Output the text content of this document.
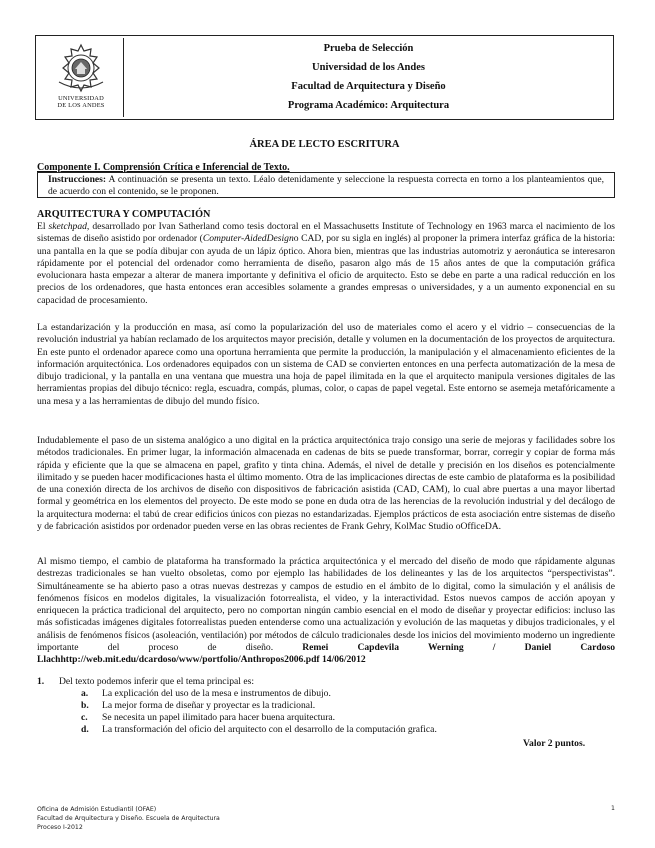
UNIVERSIDAD
DE LOS ANDES
Prueba de Selección
Universidad de los Andes
Facultad de Arquitectura y Diseño
Programa Académico: Arquitectura
ÁREA DE LECTO ESCRITURA
Componente I. Comprensión Crítica e Inferencial de Texto.
Instrucciones: A continuación se presenta un texto. Léalo detenidamente y seleccione la respuesta correcta en torno a los planteamientos que, de acuerdo con el contenido, se le proponen.
ARQUITECTURA Y COMPUTACIÓN

El sketchpad, desarrollado por Ivan Satherland como tesis doctoral en el Massachusetts Institute of Technology en 1963 marca el nacimiento de los sistemas de diseño asistido por ordenador (Computer-AidedDesigno CAD, por su sigla en inglés) al proponer la primera interfaz gráfica de la historia: una pantalla en la que se podía dibujar con ayuda de un lápiz óptico. Ahora bien, mientras que las industrias automotriz y aeronáutica se interesaron rápidamente por el potencial del ordenador como herramienta de diseño, pasaron algo más de 15 años antes de que la computación gráfica evolucionara hasta empezar a alterar de manera importante y definitiva el oficio de arquitecto. Esto se debe en parte a una radical reducción en los precios de los ordenadores, que hasta entonces eran accesibles solamente a grandes empresas o universidades, y a un aumento exponencial en su capacidad de procesamiento.

La estandarización y la producción en masa, así como la popularización del uso de materiales como el acero y el vidrio – consecuencias de la revolución industrial ya habían reclamado de los arquitectos mayor precisión, detalle y volumen en la documentación de los proyectos de arquitectura. En este punto el ordenador aparece como una oportuna herramienta que permite la producción, la manipulación y el almacenamiento eficientes de la información arquitectónica. Los ordenadores equipados con un sistema de CAD se convierten entonces en una perfecta automatización de la mesa de dibujo tradicional, y la pantalla en una ventana que muestra una hoja de papel ilimitada en la que el arquitecto manipula versiones digitales de las herramientas propias del dibujo técnico: regla, escuadra, compás, plumas, color, o capas de papel vegetal. Este entorno se asemeja metafóricamente a una mesa y a las herramientas de dibujo del mundo físico.

Indudablemente el paso de un sistema analógico a uno digital en la práctica arquitectónica trajo consigo una serie de mejoras y facilidades sobre los métodos tradicionales. En primer lugar, la información almacenada en cadenas de bits se puede transformar, borrar, corregir y copiar de forma más rápida y eficiente que la que se almacena en papel, grafito y tinta china. Además, el nivel de detalle y precisión en los diseños es potencialmente ilimitado y se pueden hacer modificaciones hasta el último momento. Otra de las implicaciones directas de este cambio de plataforma es la posibilidad de una conexión directa de los archivos de diseño con dispositivos de fabricación asistida (CAD, CAM), lo cual abre puertas a una mayor libertad formal y geométrica en los elementos del proyecto. De este modo se pone en duda otra de las herencias de la revolución industrial y del decálogo de la arquitectura moderna: el tabú de crear edificios únicos con piezas no estandarizadas. Ejemplos prácticos de esta asociación entre sistemas de diseño y de fabricación asistidos por ordenador pueden verse en las obras recientes de Frank Gehry, KolMac Studio oOfficeDA.

Al mismo tiempo, el cambio de plataforma ha transformado la práctica arquitectónica y el mercado del diseño de modo que rápidamente algunas destrezas tradicionales se han vuelto obsoletas, como por ejemplo las habilidades de los delineantes y las de los arquitectos “perspectivistas”. Simultáneamente se ha abierto paso a otras nuevas destrezas y campos de estudio en el ámbito de lo digital, como la simulación y el análisis de fenómenos físicos en modelos digitales, la visualización fotorrealista, el video, y la interactividad. Estos nuevos campos de acción apoyan y enriquecen la práctica tradicional del arquitecto, pero no comportan ningún cambio esencial en el modo de diseñar y proyectar edificios: incluso las más sofisticadas imágenes digitales fotorrealistas pueden entenderse como una actualización y evolución de las maquetas y dibujos tradicionales, y el análisis de fenómenos físicos (asoleación, ventilación) por métodos de cálculo tradicionales desde los inicios del movimiento moderno un ingrediente importante del proceso de diseño.	Remei Capdevila Werning / Daniel Cardoso Llachhttp://web.mit.edu/dcardoso/www/portfolio/Anthropos2006.pdf 14/06/2012

1. Del texto podemos inferir que el tema principal es:
a. La explicación del uso de la mesa e instrumentos de dibujo.
b. La mejor forma de diseñar y proyectar es la tradicional.
c. Se necesita un papel ilimitado para hacer buena arquitectura.
d. La transformación del oficio del arquitecto con el desarrollo de la computación grafica.
Valor 2 puntos.
Oficina de Admisión Estudiantil (OFAE)
Facultad de Arquitectura y Diseño. Escuela de Arquitectura
Proceso I-2012
1
